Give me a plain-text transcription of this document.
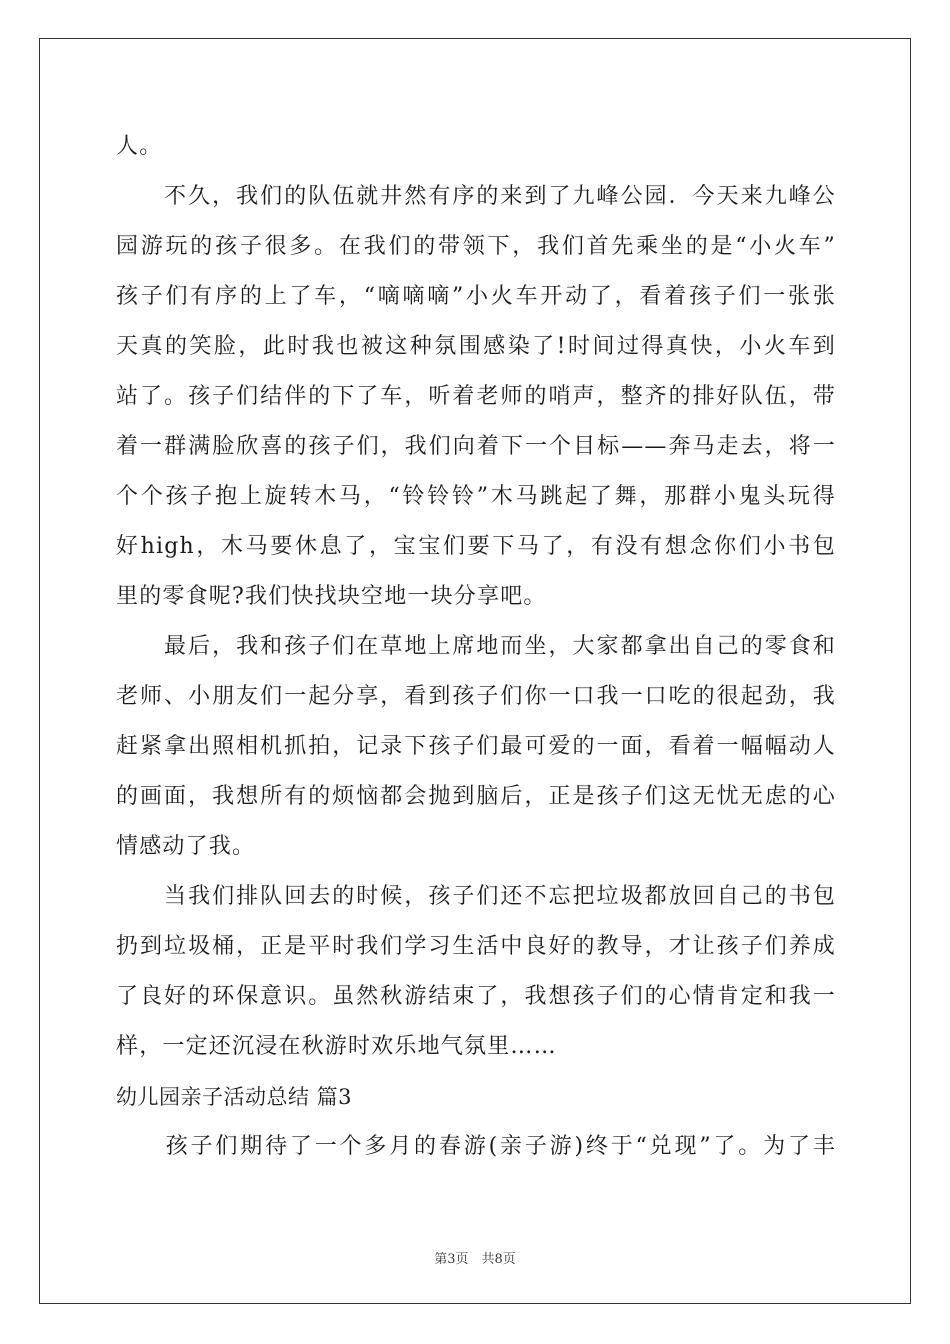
人。
　　不久，我们的队伍就井然有序的来到了九峰公园．今天来九峰公
园游玩的孩子很多。在我们的带领下，我们首先乘坐的是“小火车”
孩子们有序的上了车，“嘀嘀嘀”小火车开动了，看着孩子们一张张
天真的笑脸，此时我也被这种氛围感染了!时间过得真快，小火车到
站了。孩子们结伴的下了车，听着老师的哨声，整齐的排好队伍，带
着一群满脸欣喜的孩子们，我们向着下一个目标——奔马走去，将一
个个孩子抱上旋转木马，“铃铃铃”木马跳起了舞，那群小鬼头玩得
好high，木马要休息了，宝宝们要下马了，有没有想念你们小书包
里的零食呢?我们快找块空地一块分享吧。
　　最后，我和孩子们在草地上席地而坐，大家都拿出自己的零食和
老师、小朋友们一起分享，看到孩子们你一口我一口吃的很起劲，我
赶紧拿出照相机抓拍，记录下孩子们最可爱的一面，看着一幅幅动人
的画面，我想所有的烦恼都会抛到脑后，正是孩子们这无忧无虑的心
情感动了我。
　　当我们排队回去的时候，孩子们还不忘把垃圾都放回自己的书包
扔到垃圾桶，正是平时我们学习生活中良好的教导，才让孩子们养成
了良好的环保意识。虽然秋游结束了，我想孩子们的心情肯定和我一
样，一定还沉浸在秋游时欢乐地气氛里……
幼儿园亲子活动总结 篇3
　　孩子们期待了一个多月的春游(亲子游)终于“兑现”了。为了丰
第3页　共8页
